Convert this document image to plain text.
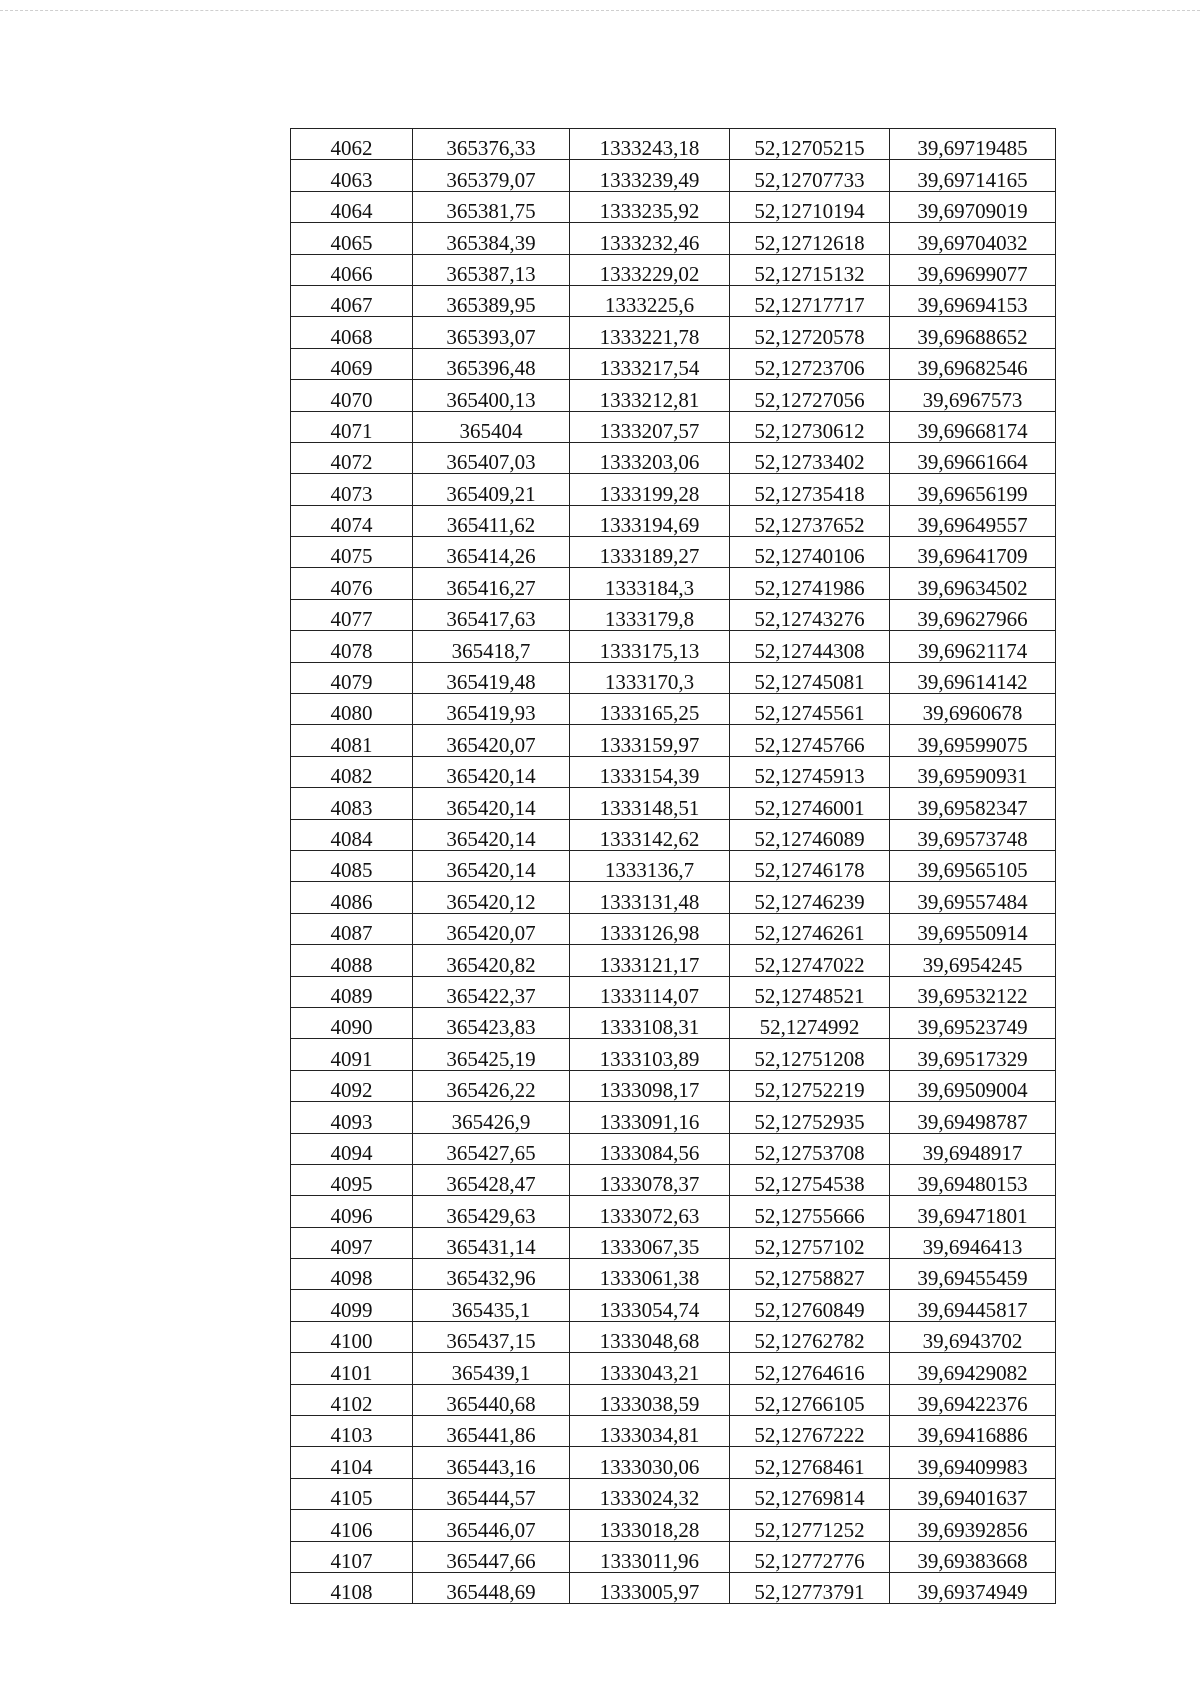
4062	365376,33	1333243,18	52,12705215	39,69719485
4063	365379,07	1333239,49	52,12707733	39,69714165
4064	365381,75	1333235,92	52,12710194	39,69709019
4065	365384,39	1333232,46	52,12712618	39,69704032
4066	365387,13	1333229,02	52,12715132	39,69699077
4067	365389,95	1333225,6	52,12717717	39,69694153
4068	365393,07	1333221,78	52,12720578	39,69688652
4069	365396,48	1333217,54	52,12723706	39,69682546
4070	365400,13	1333212,81	52,12727056	39,6967573
4071	365404	1333207,57	52,12730612	39,69668174
4072	365407,03	1333203,06	52,12733402	39,69661664
4073	365409,21	1333199,28	52,12735418	39,69656199
4074	365411,62	1333194,69	52,12737652	39,69649557
4075	365414,26	1333189,27	52,12740106	39,69641709
4076	365416,27	1333184,3	52,12741986	39,69634502
4077	365417,63	1333179,8	52,12743276	39,69627966
4078	365418,7	1333175,13	52,12744308	39,69621174
4079	365419,48	1333170,3	52,12745081	39,69614142
4080	365419,93	1333165,25	52,12745561	39,6960678
4081	365420,07	1333159,97	52,12745766	39,69599075
4082	365420,14	1333154,39	52,12745913	39,69590931
4083	365420,14	1333148,51	52,12746001	39,69582347
4084	365420,14	1333142,62	52,12746089	39,69573748
4085	365420,14	1333136,7	52,12746178	39,69565105
4086	365420,12	1333131,48	52,12746239	39,69557484
4087	365420,07	1333126,98	52,12746261	39,69550914
4088	365420,82	1333121,17	52,12747022	39,6954245
4089	365422,37	1333114,07	52,12748521	39,69532122
4090	365423,83	1333108,31	52,1274992	39,69523749
4091	365425,19	1333103,89	52,12751208	39,69517329
4092	365426,22	1333098,17	52,12752219	39,69509004
4093	365426,9	1333091,16	52,12752935	39,69498787
4094	365427,65	1333084,56	52,12753708	39,6948917
4095	365428,47	1333078,37	52,12754538	39,69480153
4096	365429,63	1333072,63	52,12755666	39,69471801
4097	365431,14	1333067,35	52,12757102	39,6946413
4098	365432,96	1333061,38	52,12758827	39,69455459
4099	365435,1	1333054,74	52,12760849	39,69445817
4100	365437,15	1333048,68	52,12762782	39,6943702
4101	365439,1	1333043,21	52,12764616	39,69429082
4102	365440,68	1333038,59	52,12766105	39,69422376
4103	365441,86	1333034,81	52,12767222	39,69416886
4104	365443,16	1333030,06	52,12768461	39,69409983
4105	365444,57	1333024,32	52,12769814	39,69401637
4106	365446,07	1333018,28	52,12771252	39,69392856
4107	365447,66	1333011,96	52,12772776	39,69383668
4108	365448,69	1333005,97	52,12773791	39,69374949
